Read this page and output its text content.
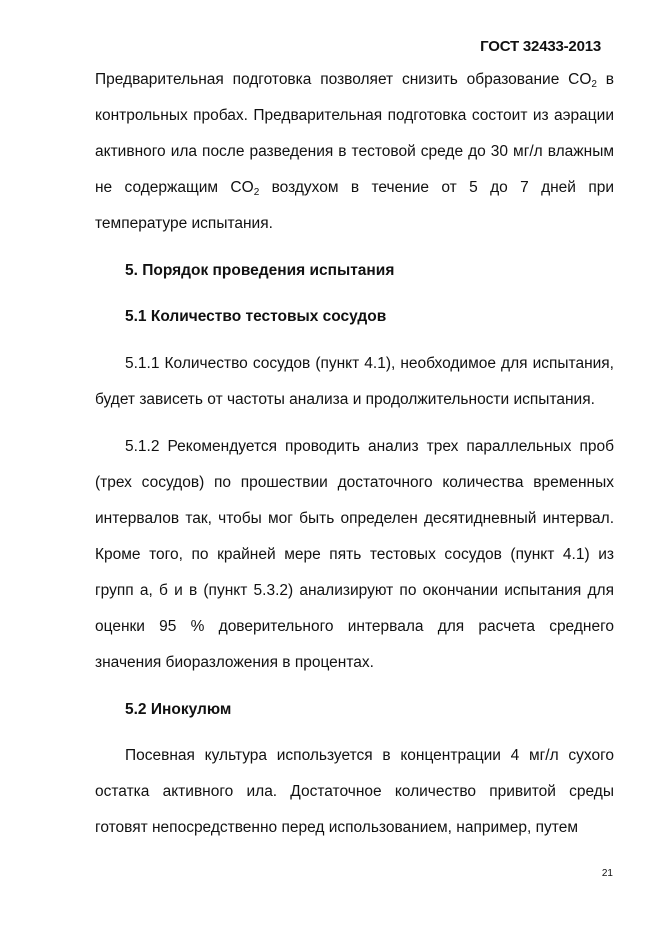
ГОСТ 32433-2013

Предварительная подготовка позволяет снизить образование $CO_2$ в контрольных пробах. Предварительная подготовка состоит из аэрации активного ила после разведения в тестовой среде до 30 мг/л влажным не содержащим $CO_2$ воздухом в течение от 5 до 7 дней при температуре испытания.

5. Порядок проведения испытания
5.1 Количество тестовых сосудов

5.1.1 Количество сосудов (пункт 4.1), необходимое для испытания, будет зависеть от частоты анализа и продолжительности испытания.

5.1.2 Рекомендуется проводить анализ трех параллельных проб (трех сосудов) по прошествии достаточного количества временных интервалов так, чтобы мог быть определен десятидневный интервал. Кроме того, по крайней мере пять тестовых сосудов (пункт 4.1) из групп а, б и в (пункт 5.3.2) анализируют по окончании испытания для оценки 95 % доверительного интервала для расчета среднего значения биоразложения в процентах.

5.2 Инокулюм

Посевная культура используется в концентрации 4 мг/л сухого остатка активного ила. Достаточное количество привитой среды готовят непосредственно перед использованием, например, путем

21
